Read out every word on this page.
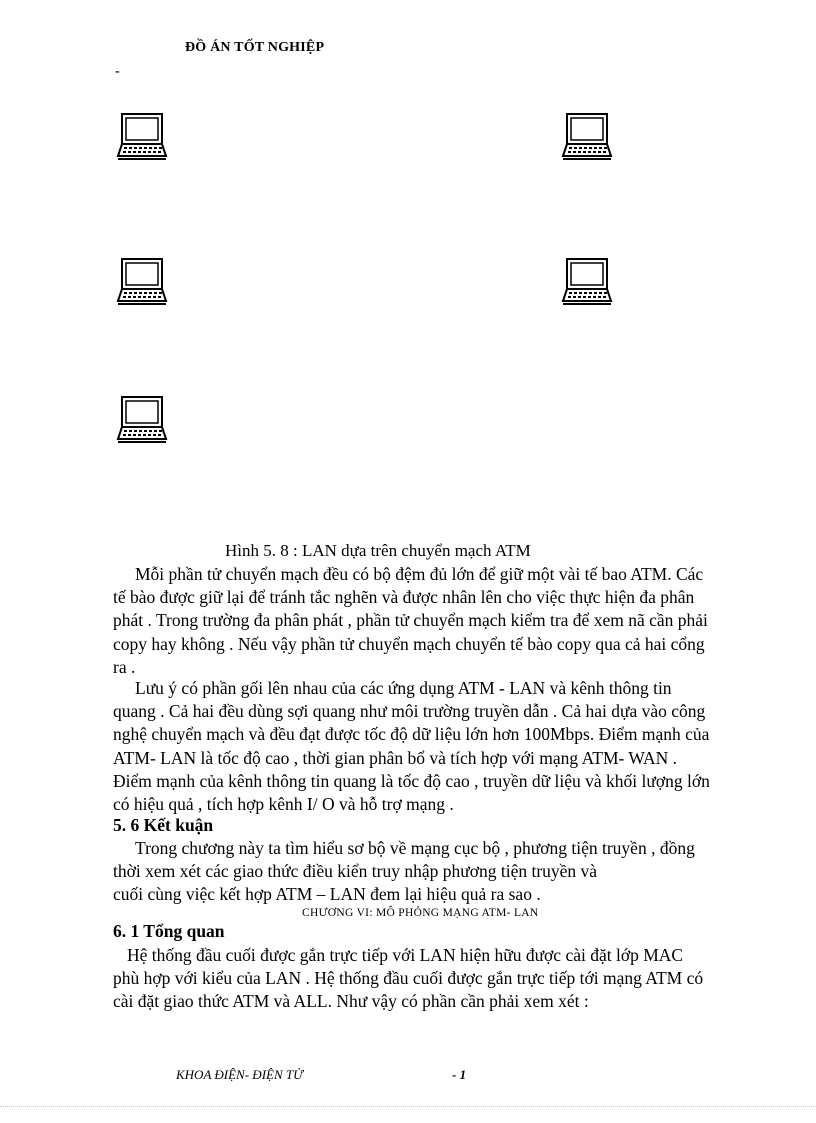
ĐỒ ÁN TỐT NGHIỆP
-
Hình 5. 8 : LAN dựa trên chuyển mạch ATM
Mỗi phần tử chuyển mạch đều có bộ đệm đủ lớn để giữ một vài tế bao ATM. Các
tế bào được giữ lại để tránh tắc nghẽn và được nhân lên cho việc thực hiện đa phân
phát . Trong trường đa phân phát , phần tử chuyển mạch kiểm tra để xem nã cần phải
copy hay không . Nếu vậy phần tử chuyển mạch chuyển tế bào copy qua cả hai cổng
ra .
Lưu ý có phần gối lên nhau của các ứng dụng ATM - LAN và kênh thông tin
quang . Cả hai đều dùng sợi quang như môi trường truyền dẫn . Cả hai dựa vào công
nghệ chuyển mạch và đều đạt được tốc độ dữ liệu lớn hơn 100Mbps. Điểm mạnh của
ATM- LAN là tốc độ cao , thời gian phân bổ và tích hợp với mạng ATM- WAN .
Điểm mạnh của kênh thông tin quang là tốc độ cao , truyền dữ liệu và khối lượng lớn
có hiệu quả , tích hợp kênh I/ O và hỗ trợ mạng .
5. 6 Kết kuận
Trong chương này ta tìm hiểu sơ bộ về mạng cục bộ , phương tiện truyền , đồng
thời xem xét các giao thức điều kiển truy nhập phương tiện truyền và
cuối cùng việc kết hợp ATM – LAN đem lại hiệu quả ra sao .
CHƯƠNG VI: MÔ PHỎNG MẠNG ATM- LAN
6. 1 Tổng quan
Hệ thống đầu cuối được gắn trực tiếp với LAN hiện hữu được cài đặt lớp MAC
phù hợp với kiểu của LAN . Hệ thống đầu cuối được gắn trực tiếp tới mạng ATM có
cài đặt giao thức ATM và ALL. Như vậy có phần cần phải xem xét :
KHOA ĐIỆN- ĐIỆN TỬ	- 1
